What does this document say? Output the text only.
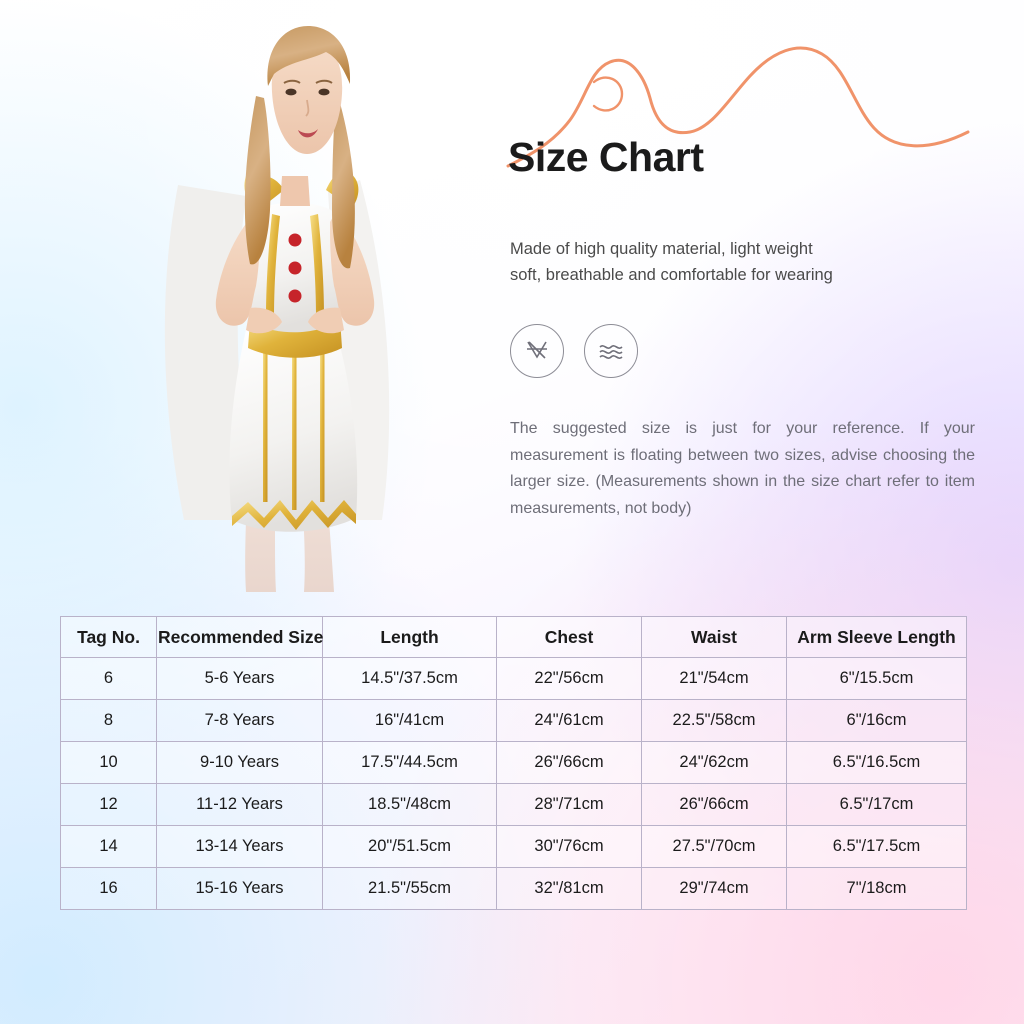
Size Chart
Made of high quality material, light weight
soft, breathable and comfortable for wearing
The suggested size is just for your reference. If your measurement is floating between two sizes, advise choosing the larger size. (Measurements shown in the size chart refer to item measurements, not body)
Tag No.	Recommended Size	Length	Chest	Waist	Arm Sleeve Length
6	5-6 Years	14.5"/37.5cm	22"/56cm	21"/54cm	6"/15.5cm
8	7-8 Years	16"/41cm	24"/61cm	22.5"/58cm	6"/16cm
10	9-10 Years	17.5"/44.5cm	26"/66cm	24"/62cm	6.5"/16.5cm
12	11-12 Years	18.5"/48cm	28"/71cm	26"/66cm	6.5"/17cm
14	13-14 Years	20"/51.5cm	30"/76cm	27.5"/70cm	6.5"/17.5cm
16	15-16 Years	21.5"/55cm	32"/81cm	29"/74cm	7"/18cm
